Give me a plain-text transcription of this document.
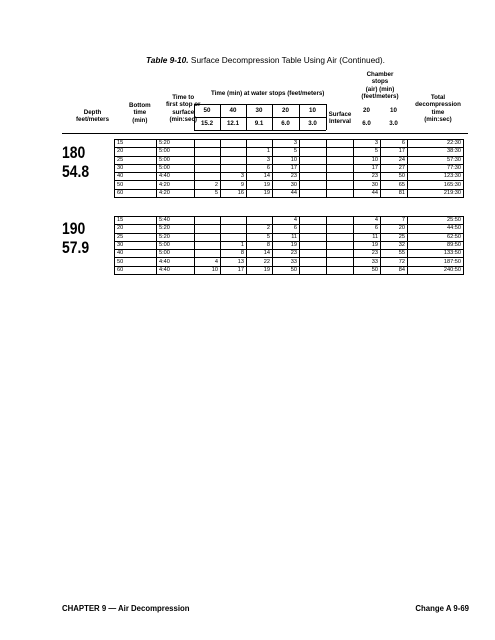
Table 9-10. Surface Decompression Table Using Air (Continued).
Depth
feet/meters
Bottom
time
(min)
Time to
first stop or
surface
(min:sec)
Time (min) at water stops (feet/meters)
50	40	30	20	10
15.2	12.1	9.1	6.0	3.0
Surface
Interval
Chamber
stops
(air) (min)
(feet/meters)
20	10
6.0	3.0
Total
decompression
time
(min:sec)
180
54.8
15	5:20				3			3	6	22:30
20	5:00			1	5			5	17	38:30
25	5:00			3	10			10	24	57:30
30	5:00			6	17			17	27	77:30
40	4:40		3	14	23			23	50	123:30
50	4:20	2	9	19	30			30	65	165:30
60	4:20	5	16	19	44			44	81	219:30
190
57.9
15	5:40				4			4	7	25:50
20	5:20			2	6			6	20	44:50
25	5:20			5	11			11	25	62:50
30	5:00		1	8	19			19	32	89:50
40	5:00		8	14	23			23	55	133:50
50	4:40	4	13	22	33			33	72	187:50
60	4:40	10	17	19	50			50	84	240:50
CHAPTER 9 — Air Decompression	Change A 9-69
